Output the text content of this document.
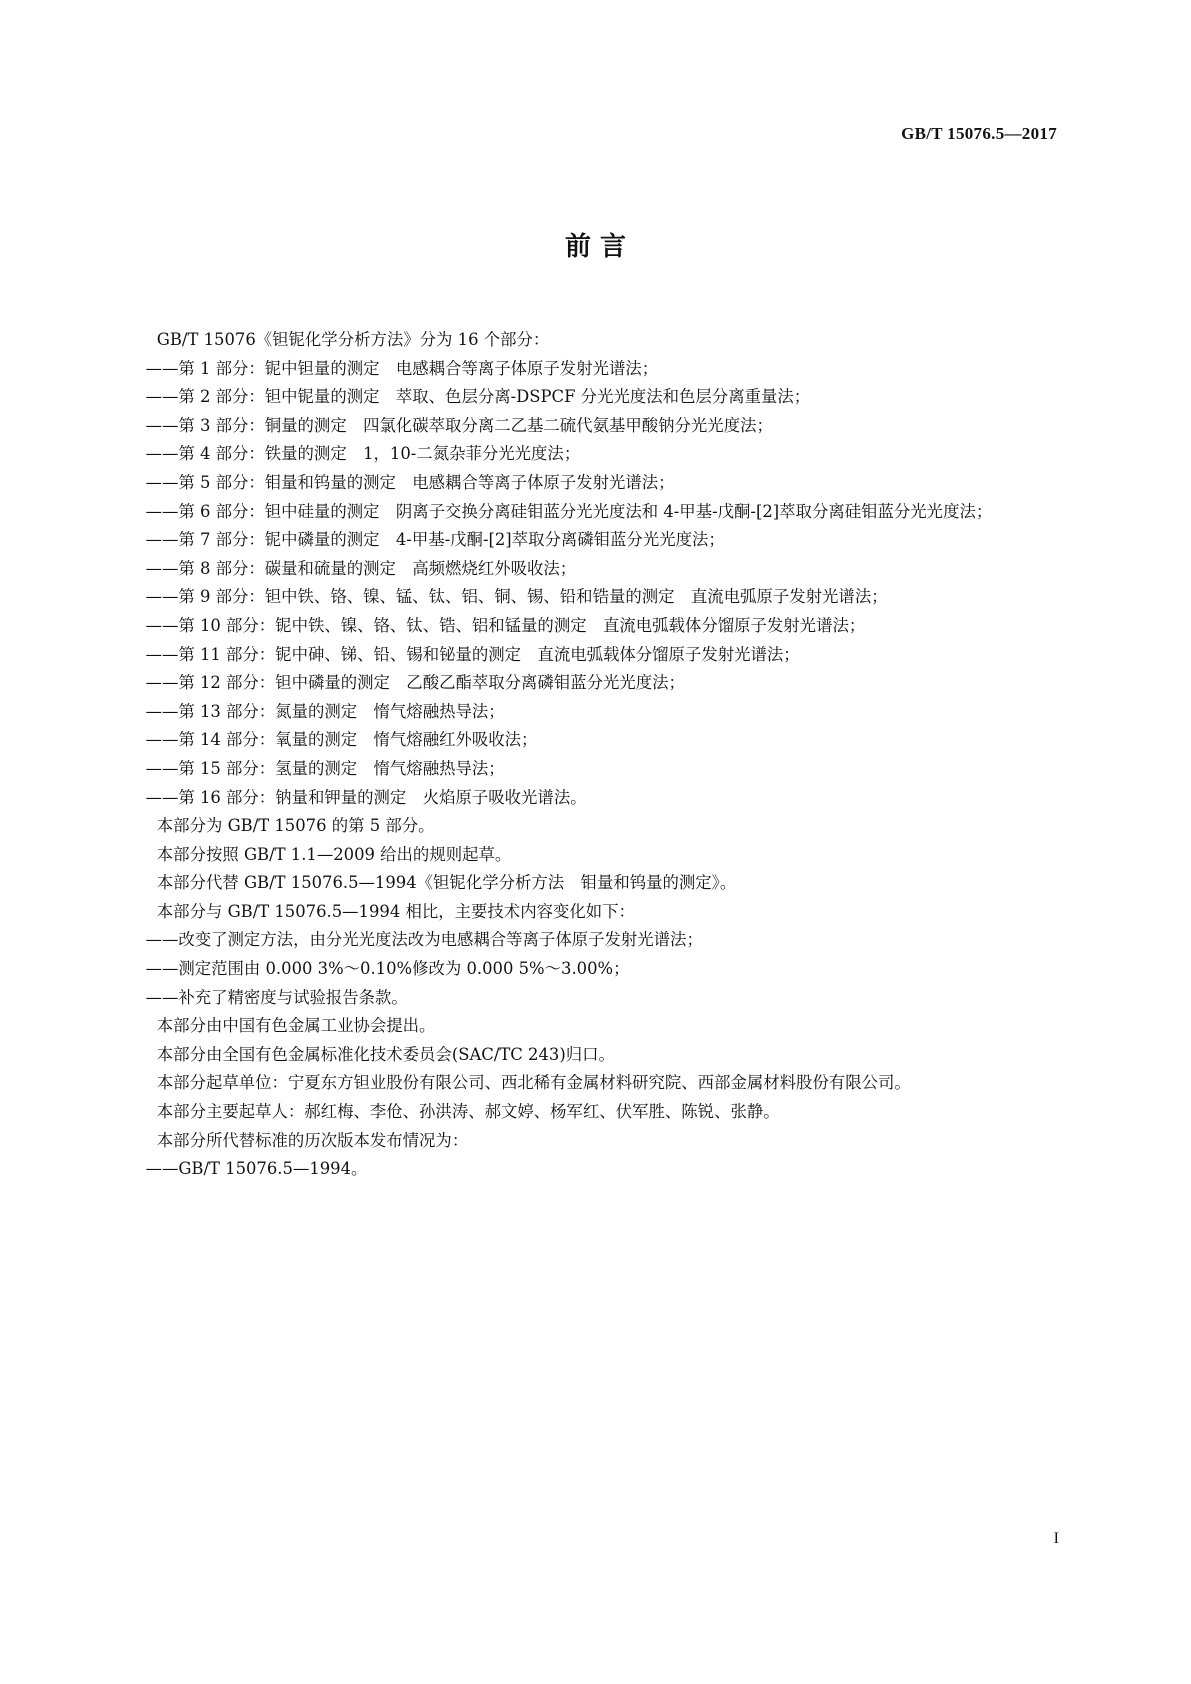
GB/T 15076.5—2017
前 言

GB/T 15076《钽铌化学分析方法》分为 16 个部分：

——第 1 部分：铌中钽量的测定　电感耦合等离子体原子发射光谱法；

——第 2 部分：钽中铌量的测定　萃取、色层分离-DSPCF 分光光度法和色层分离重量法；

——第 3 部分：铜量的测定　四氯化碳萃取分离二乙基二硫代氨基甲酸钠分光光度法；

——第 4 部分：铁量的测定　1，10-二氮杂菲分光光度法；

——第 5 部分：钼量和钨量的测定　电感耦合等离子体原子发射光谱法；

——第 6 部分：钽中硅量的测定　阴离子交换分离硅钼蓝分光光度法和 4-甲基-戊酮-[2]萃取分离硅钼蓝分光光度法；

——第 7 部分：铌中磷量的测定　4-甲基-戊酮-[2]萃取分离磷钼蓝分光光度法；

——第 8 部分：碳量和硫量的测定　高频燃烧红外吸收法；

——第 9 部分：钽中铁、铬、镍、锰、钛、铝、铜、锡、铅和锆量的测定　直流电弧原子发射光谱法；

——第 10 部分：铌中铁、镍、铬、钛、锆、铝和锰量的测定　直流电弧载体分馏原子发射光谱法；

——第 11 部分：铌中砷、锑、铅、锡和铋量的测定　直流电弧载体分馏原子发射光谱法；

——第 12 部分：钽中磷量的测定　乙酸乙酯萃取分离磷钼蓝分光光度法；

——第 13 部分：氮量的测定　惰气熔融热导法；

——第 14 部分：氧量的测定　惰气熔融红外吸收法；

——第 15 部分：氢量的测定　惰气熔融热导法；

——第 16 部分：钠量和钾量的测定　火焰原子吸收光谱法。

本部分为 GB/T 15076 的第 5 部分。

本部分按照 GB/T 1.1—2009 给出的规则起草。

本部分代替 GB/T 15076.5—1994《钽铌化学分析方法　钼量和钨量的测定》。

本部分与 GB/T 15076.5—1994 相比，主要技术内容变化如下：

——改变了测定方法，由分光光度法改为电感耦合等离子体原子发射光谱法；

——测定范围由 0.000 3%～0.10%修改为 0.000 5%～3.00%；

——补充了精密度与试验报告条款。

本部分由中国有色金属工业协会提出。

本部分由全国有色金属标准化技术委员会(SAC/TC 243)归口。

本部分起草单位：宁夏东方钽业股份有限公司、西北稀有金属材料研究院、西部金属材料股份有限公司。

本部分主要起草人：郝红梅、李伧、孙洪涛、郝文婷、杨军红、伏军胜、陈锐、张静。

本部分所代替标准的历次版本发布情况为：

——GB/T 15076.5—1994。

I
